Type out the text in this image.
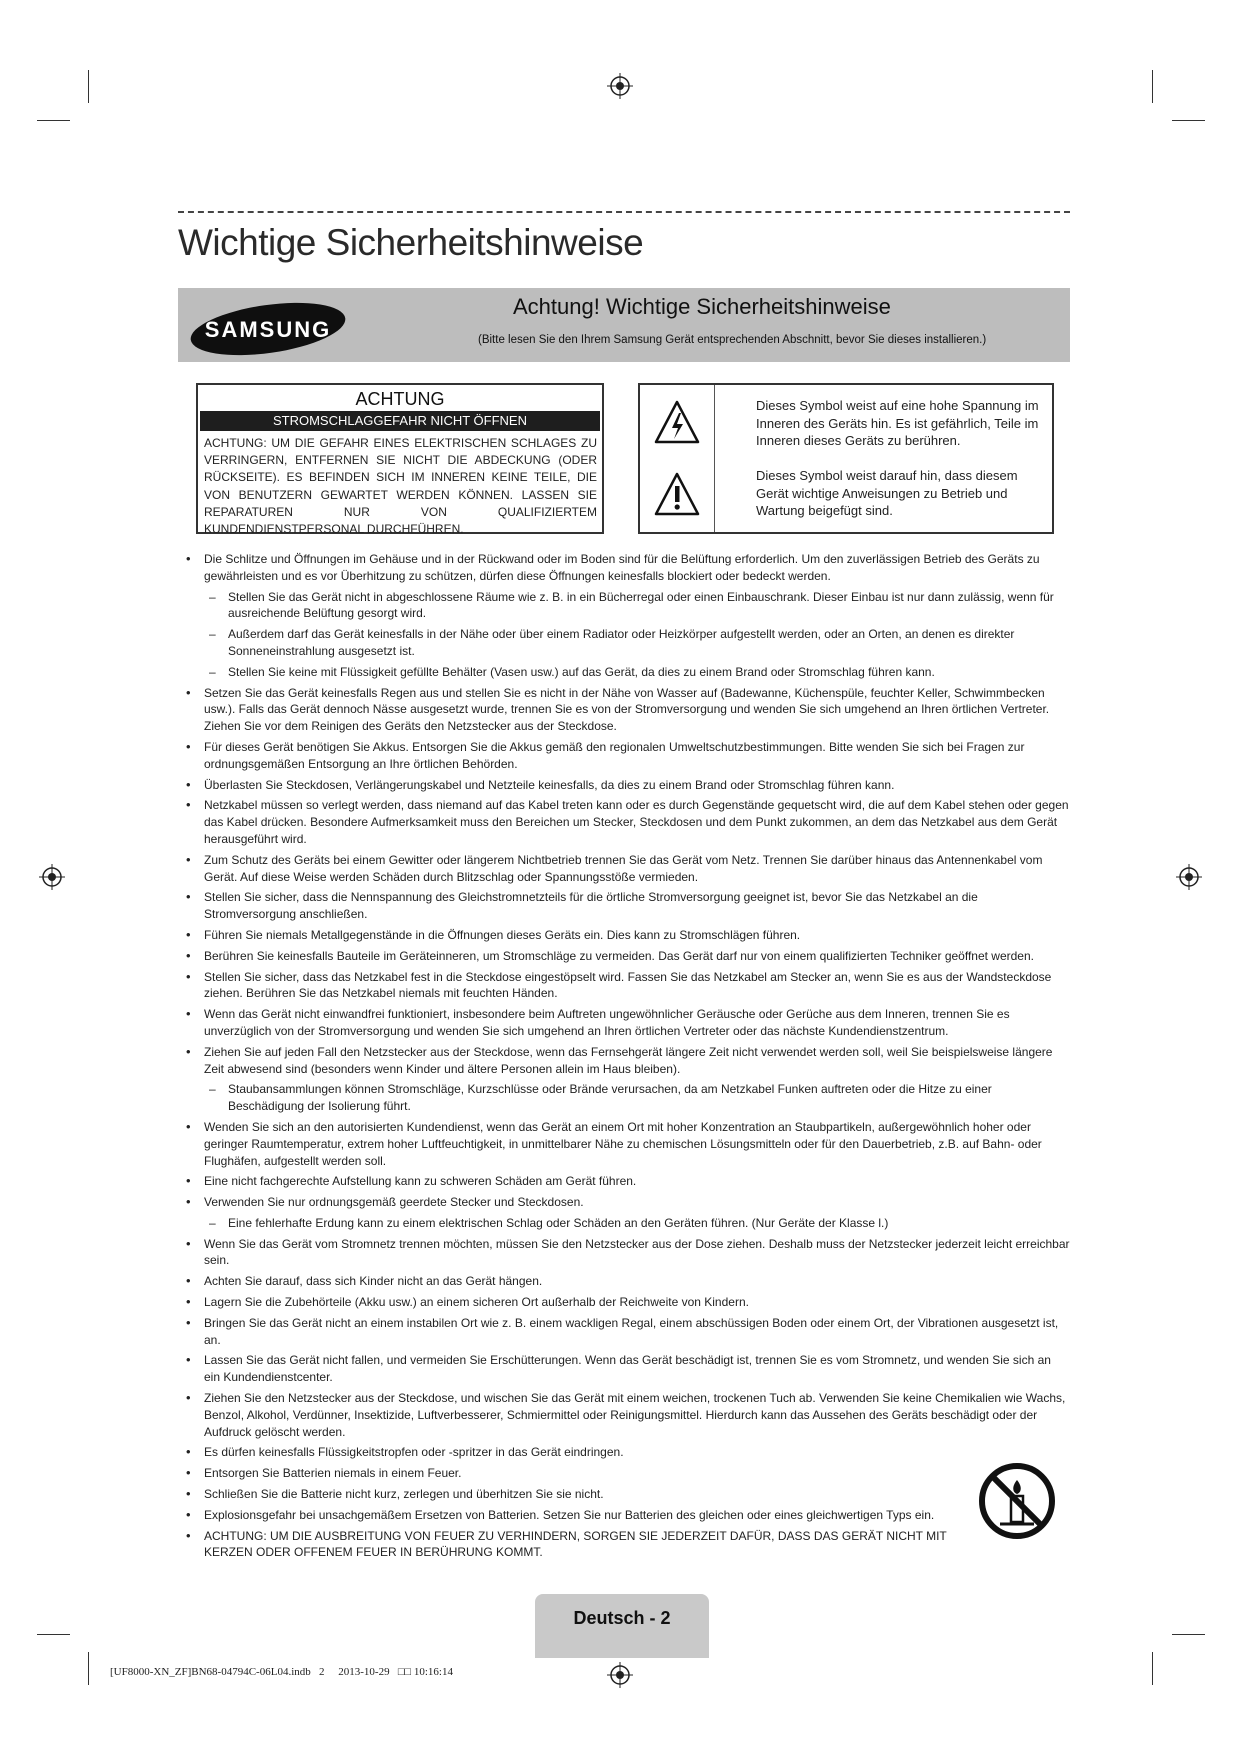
Wichtige Sicherheitshinweise
SAMSUNG
Achtung! Wichtige Sicherheitshinweise
(Bitte lesen Sie den Ihrem Samsung Gerät entsprechenden Abschnitt, bevor Sie dieses installieren.)
ACHTUNG
STROMSCHLAGGEFAHR NICHT ÖFFNEN
ACHTUNG: UM DIE GEFAHR EINES ELEKTRISCHEN SCHLAGES ZU VERRINGERN, ENTFERNEN SIE NICHT DIE ABDECKUNG (ODER RÜCKSEITE). ES BEFINDEN SICH IM INNEREN KEINE TEILE, DIE VON BENUTZERN GEWARTET WERDEN KÖNNEN. LASSEN SIE REPARATUREN NUR VON QUALIFIZIERTEM KUNDENDIENSTPERSONAL DURCHFÜHREN.
Dieses Symbol weist auf eine hohe Spannung im Inneren des Geräts hin. Es ist gefährlich, Teile im Inneren dieses Geräts zu berühren.
Dieses Symbol weist darauf hin, dass diesem Gerät wichtige Anweisungen zu Betrieb und Wartung beigefügt sind.
• Die Schlitze und Öffnungen im Gehäuse und in der Rückwand oder im Boden sind für die Belüftung erforderlich. Um den zuverlässigen Betrieb des Geräts zu gewährleisten und es vor Überhitzung zu schützen, dürfen diese Öffnungen keinesfalls blockiert oder bedeckt werden.
– Stellen Sie das Gerät nicht in abgeschlossene Räume wie z. B. in ein Bücherregal oder einen Einbauschrank. Dieser Einbau ist nur dann zulässig, wenn für ausreichende Belüftung gesorgt wird.
– Außerdem darf das Gerät keinesfalls in der Nähe oder über einem Radiator oder Heizkörper aufgestellt werden, oder an Orten, an denen es direkter Sonneneinstrahlung ausgesetzt ist.
– Stellen Sie keine mit Flüssigkeit gefüllte Behälter (Vasen usw.) auf das Gerät, da dies zu einem Brand oder Stromschlag führen kann.
• Setzen Sie das Gerät keinesfalls Regen aus und stellen Sie es nicht in der Nähe von Wasser auf (Badewanne, Küchenspüle, feuchter Keller, Schwimmbecken usw.). Falls das Gerät dennoch Nässe ausgesetzt wurde, trennen Sie es von der Stromversorgung und wenden Sie sich umgehend an Ihren örtlichen Vertreter. Ziehen Sie vor dem Reinigen des Geräts den Netzstecker aus der Steckdose.
• Für dieses Gerät benötigen Sie Akkus. Entsorgen Sie die Akkus gemäß den regionalen Umweltschutzbestimmungen. Bitte wenden Sie sich bei Fragen zur ordnungsgemäßen Entsorgung an Ihre örtlichen Behörden.
• Überlasten Sie Steckdosen, Verlängerungskabel und Netzteile keinesfalls, da dies zu einem Brand oder Stromschlag führen kann.
• Netzkabel müssen so verlegt werden, dass niemand auf das Kabel treten kann oder es durch Gegenstände gequetscht wird, die auf dem Kabel stehen oder gegen das Kabel drücken. Besondere Aufmerksamkeit muss den Bereichen um Stecker, Steckdosen und dem Punkt zukommen, an dem das Netzkabel aus dem Gerät herausgeführt wird.
• Zum Schutz des Geräts bei einem Gewitter oder längerem Nichtbetrieb trennen Sie das Gerät vom Netz. Trennen Sie darüber hinaus das Antennenkabel vom Gerät. Auf diese Weise werden Schäden durch Blitzschlag oder Spannungsstöße vermieden.
• Stellen Sie sicher, dass die Nennspannung des Gleichstromnetzteils für die örtliche Stromversorgung geeignet ist, bevor Sie das Netzkabel an die Stromversorgung anschließen.
• Führen Sie niemals Metallgegenstände in die Öffnungen dieses Geräts ein. Dies kann zu Stromschlägen führen.
• Berühren Sie keinesfalls Bauteile im Geräteinneren, um Stromschläge zu vermeiden. Das Gerät darf nur von einem qualifizierten Techniker geöffnet werden.
• Stellen Sie sicher, dass das Netzkabel fest in die Steckdose eingestöpselt wird. Fassen Sie das Netzkabel am Stecker an, wenn Sie es aus der Wandsteckdose ziehen. Berühren Sie das Netzkabel niemals mit feuchten Händen.
• Wenn das Gerät nicht einwandfrei funktioniert, insbesondere beim Auftreten ungewöhnlicher Geräusche oder Gerüche aus dem Inneren, trennen Sie es unverzüglich von der Stromversorgung und wenden Sie sich umgehend an Ihren örtlichen Vertreter oder das nächste Kundendienstzentrum.
• Ziehen Sie auf jeden Fall den Netzstecker aus der Steckdose, wenn das Fernsehgerät längere Zeit nicht verwendet werden soll, weil Sie beispielsweise längere Zeit abwesend sind (besonders wenn Kinder und ältere Personen allein im Haus bleiben).
– Staubansammlungen können Stromschläge, Kurzschlüsse oder Brände verursachen, da am Netzkabel Funken auftreten oder die Hitze zu einer Beschädigung der Isolierung führt.
• Wenden Sie sich an den autorisierten Kundendienst, wenn das Gerät an einem Ort mit hoher Konzentration an Staubpartikeln, außergewöhnlich hoher oder geringer Raumtemperatur, extrem hoher Luftfeuchtigkeit, in unmittelbarer Nähe zu chemischen Lösungsmitteln oder für den Dauerbetrieb, z.B. auf Bahn- oder Flughäfen, aufgestellt werden soll.
• Eine nicht fachgerechte Aufstellung kann zu schweren Schäden am Gerät führen.
• Verwenden Sie nur ordnungsgemäß geerdete Stecker und Steckdosen.
– Eine fehlerhafte Erdung kann zu einem elektrischen Schlag oder Schäden an den Geräten führen. (Nur Geräte der Klasse l.)
• Wenn Sie das Gerät vom Stromnetz trennen möchten, müssen Sie den Netzstecker aus der Dose ziehen. Deshalb muss der Netzstecker jederzeit leicht erreichbar sein.
• Achten Sie darauf, dass sich Kinder nicht an das Gerät hängen.
• Lagern Sie die Zubehörteile (Akku usw.) an einem sicheren Ort außerhalb der Reichweite von Kindern.
• Bringen Sie das Gerät nicht an einem instabilen Ort wie z. B. einem wackligen Regal, einem abschüssigen Boden oder einem Ort, der Vibrationen ausgesetzt ist, an.
• Lassen Sie das Gerät nicht fallen, und vermeiden Sie Erschütterungen. Wenn das Gerät beschädigt ist, trennen Sie es vom Stromnetz, und wenden Sie sich an ein Kundendienstcenter.
• Ziehen Sie den Netzstecker aus der Steckdose, und wischen Sie das Gerät mit einem weichen, trockenen Tuch ab. Verwenden Sie keine Chemikalien wie Wachs, Benzol, Alkohol, Verdünner, Insektizide, Luftverbesserer, Schmiermittel oder Reinigungsmittel. Hierdurch kann das Aussehen des Geräts beschädigt oder der Aufdruck gelöscht werden.
• Es dürfen keinesfalls Flüssigkeitstropfen oder -spritzer in das Gerät eindringen.
• Entsorgen Sie Batterien niemals in einem Feuer.
• Schließen Sie die Batterie nicht kurz, zerlegen und überhitzen Sie sie nicht.
• Explosionsgefahr bei unsachgemäßem Ersetzen von Batterien. Setzen Sie nur Batterien des gleichen oder eines gleichwertigen Typs ein.
• ACHTUNG: UM DIE AUSBREITUNG VON FEUER ZU VERHINDERN, SORGEN SIE JEDERZEIT DAFÜR, DASS DAS GERÄT NICHT MIT KERZEN ODER OFFENEM FEUER IN BERÜHRUNG KOMMT.
Deutsch - 2
[UF8000-XN_ZF]BN68-04794C-06L04.indb   2     2013-10-29   □□ 10:16:14
